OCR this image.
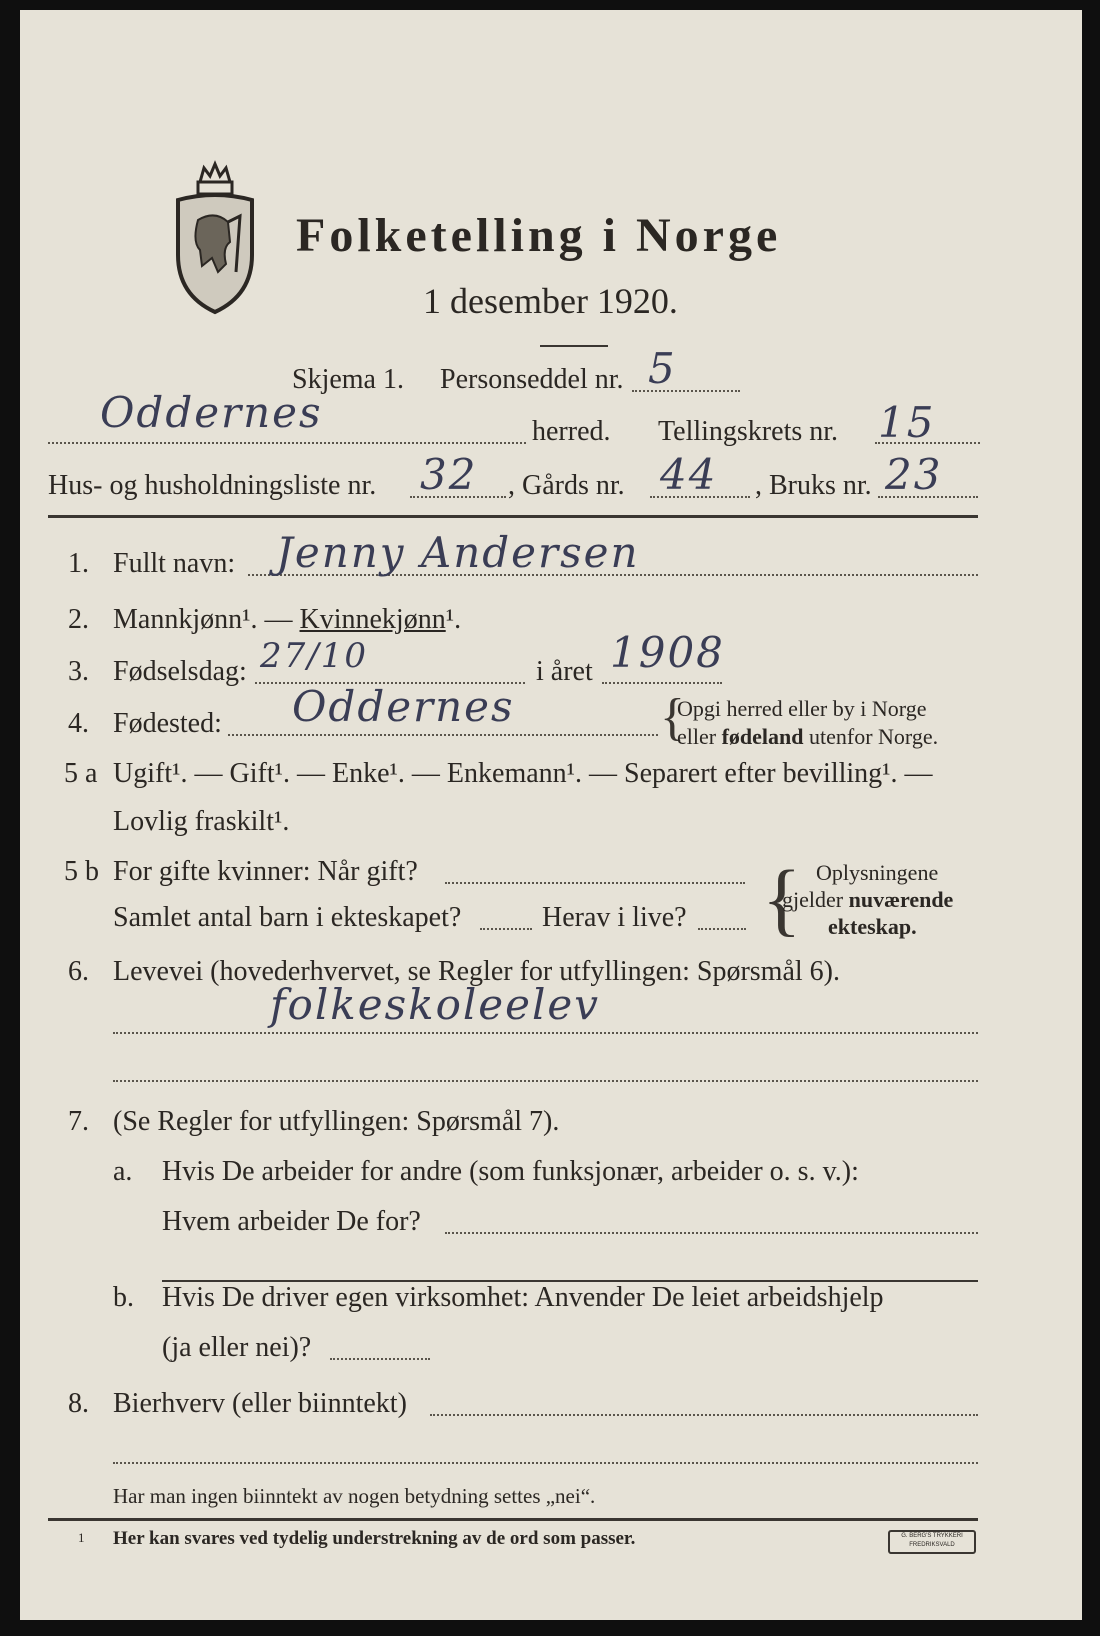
Folketelling i Norge
1 desember 1920.
Skjema 1. Personseddel nr. 5
Oddernes	herred. Tellingskrets nr. 15
Hus- og husholdningsliste nr. 32 , Gårds nr. 44 , Bruks nr. 23
1. Fullt navn: Jenny Andersen
2. Mannkjønn¹. — Kvinnekjønn¹.
3. Fødselsdag: 27/10	i året 1908
4. Fødested: Oddernes	{
Opgi herred eller by i Norge
eller fødeland utenfor Norge.
5 a Ugift¹. — Gift¹. — Enke¹. — Enkemann¹. — Separert efter bevilling¹. —
Lovlig fraskilt¹.
5 b For gifte kvinner: Når gift?
Samlet antal barn i ekteskapet?	Herav i live? { Oplysningene
gjelder nuværende
ekteskap.
6. Levevei (hovederhvervet, se Regler for utfyllingen: Spørsmål 6).
folkeskoleelev
7. (Se Regler for utfyllingen: Spørsmål 7).
a. Hvis De arbeider for andre (som funksjonær, arbeider o. s. v.):
Hvem arbeider De for?
b. Hvis De driver egen virksomhet: Anvender De leiet arbeidshjelp
(ja eller nei)?
8. Bierhverv (eller biinntekt)
Har man ingen biinntekt av nogen betydning settes „nei“.
1 Her kan svares ved tydelig understrekning av de ord som passer.	G. BERG'S TRYKKERI
FREDRIKSVALD
